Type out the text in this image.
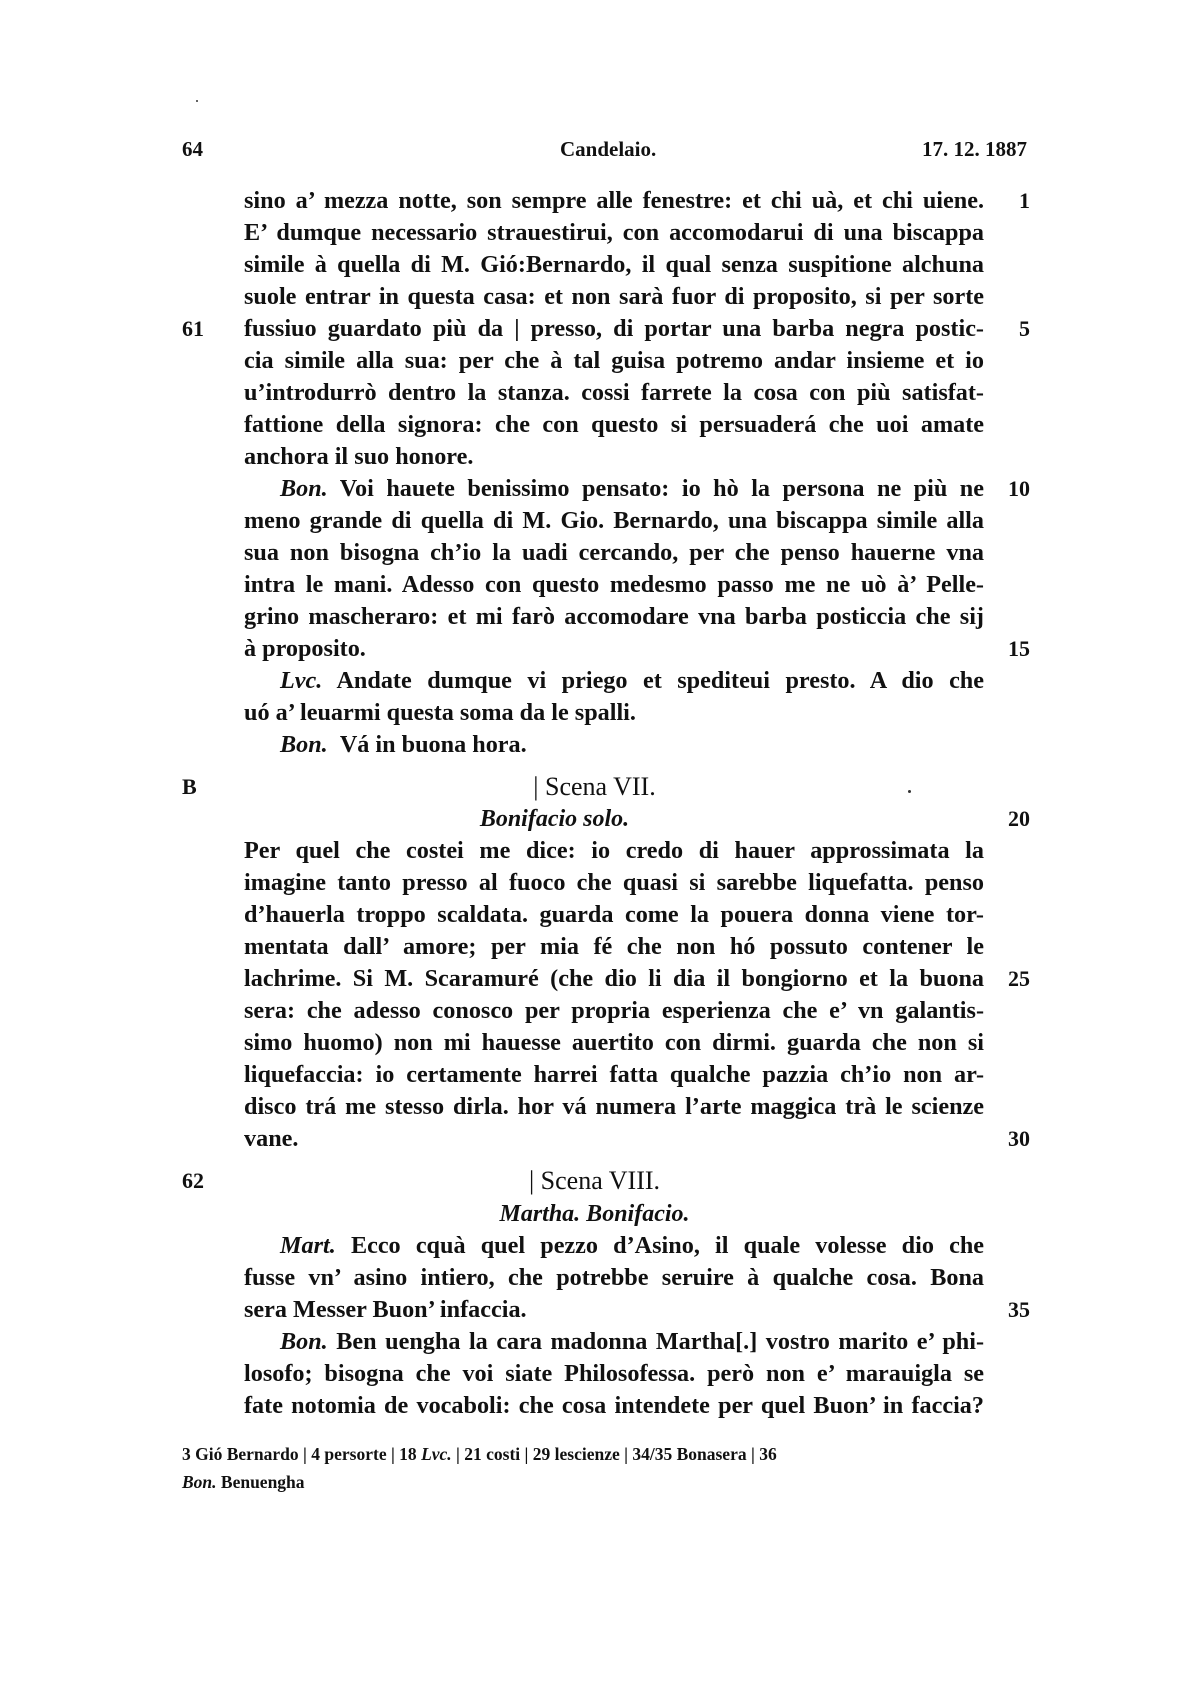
64	Candelaio.	17. 12. 1887
sino a’ mezza notte, son sempre alle fenestre: et chi uà, et chi uiene.
E’ dumque necessario strauestirui, con accomodarui di una biscappa
simile à quella di M. Gió:Bernardo, il qual senza suspitione alchuna
suole entrar in questa casa: et non sarà fuor di proposito, si per sorte
fussiuo guardato più da | presso, di portar una barba negra postic-
cia simile alla sua: per che à tal guisa potremo andar insieme et io
u’introdurrò dentro la stanza. cossi farrete la cosa con più satisfat-
fattione della signora: che con questo si persuaderá che uoi amate
anchora il suo honore.
Bon. Voi hauete benissimo pensato: io hò la persona ne più ne
meno grande di quella di M. Gio. Bernardo, una biscappa simile alla
sua non bisogna ch’io la uadi cercando, per che penso hauerne vna
intra le mani. Adesso con questo medesmo passo me ne uò à’ Pelle-
grino mascheraro: et mi farò accomodare vna barba posticcia che sij
à proposito.
Lvc. Andate dumque vi priego et spediteui presto. A dio che
uó a’ leuarmi questa soma da le spalli.
Bon. Vá in buona hora.
B	| Scena VII.
Bonifacio solo.
Per quel che costei me dice: io credo di hauer approssimata la
imagine tanto presso al fuoco che quasi si sarebbe liquefatta. penso
d’hauerla troppo scaldata. guarda come la pouera donna viene tor-
mentata dall’ amore; per mia fé che non hó possuto contener le
lachrime. Si M. Scaramuré (che dio li dia il bongiorno et la buona
sera: che adesso conosco per propria esperienza che e’ vn galantis-
simo huomo) non mi hauesse auertito con dirmi. guarda che non si
liquefaccia: io certamente harrei fatta qualche pazzia ch’io non ar-
disco trá me stesso dirla. hor vá numera l’arte maggica trà le scienze
vane.
62	| Scena VIII.
Martha. Bonifacio.
Mart. Ecco cquà quel pezzo d’Asino, il quale volesse dio che
fusse vn’ asino intiero, che potrebbe seruire à qualche cosa. Bona
sera Messer Buon’ infaccia.
Bon. Ben uengha la cara madonna Martha[.] vostro marito e’ phi-
losofo; bisogna che voi siate Philosofessa. però non e’ marauigla se
fate notomia de vocaboli: che cosa intendete per quel Buon’ in faccia?
61
1
5
10
15
20
25
30
35
3 Gió Bernardo | 4 persorte | 18 Lvc. | 21 costi | 29 lescienze | 34/35 Bonasera | 36
Bon. Benuengha
